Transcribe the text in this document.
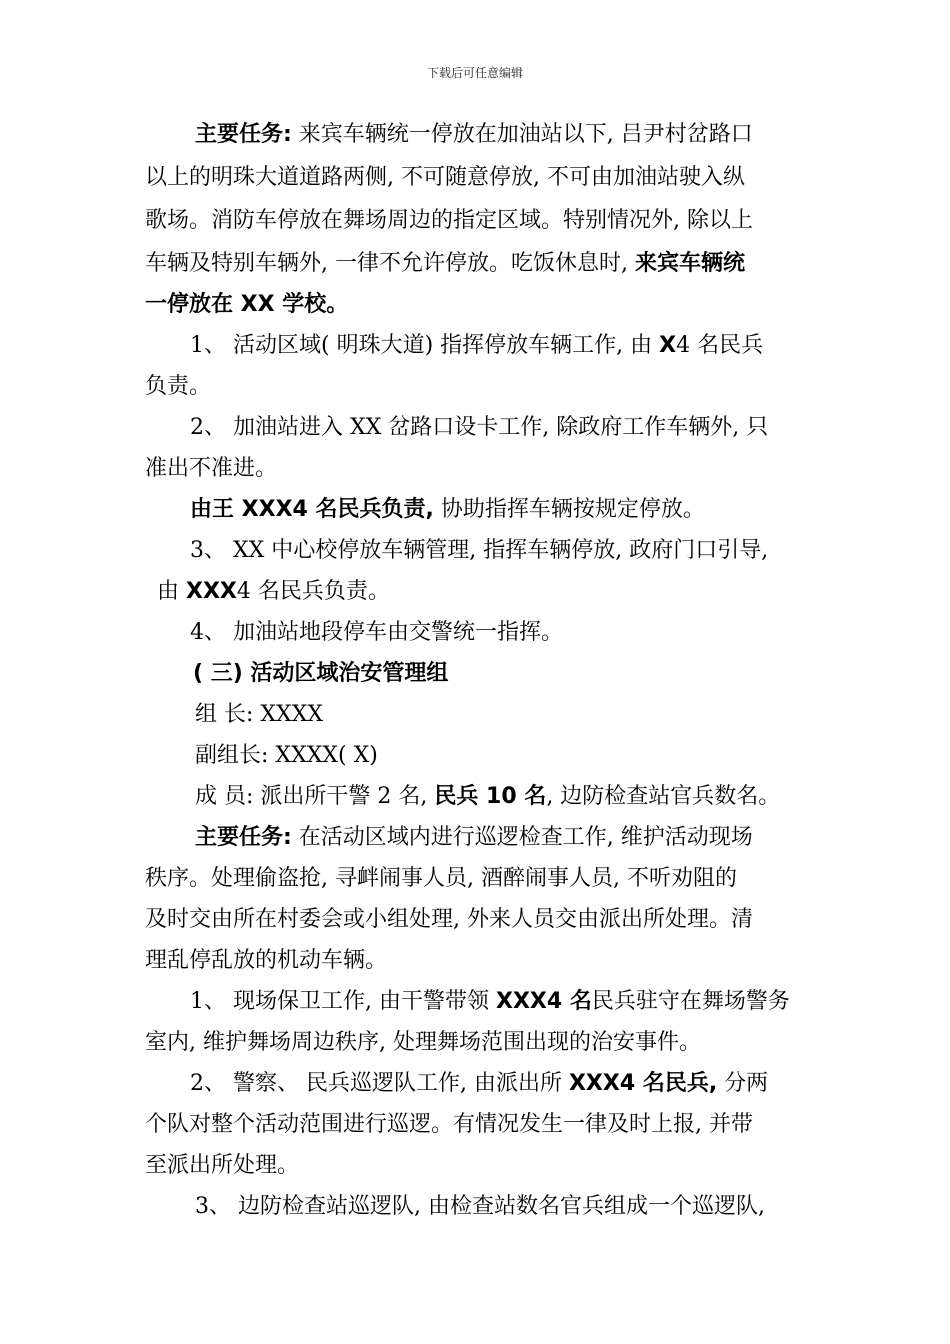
下载后可任意编辑
主要任务: 来宾车辆统一停放在加油站以下, 吕尹村岔路口
以上的明珠大道道路两侧, 不可随意停放, 不可由加油站驶入纵
歌场。消防车停放在舞场周边的指定区域。特别情况外, 除以上
车辆及特别车辆外, 一律不允许停放。吃饭休息时, 来宾车辆统
一停放在 XX 学校。
1、 活动区域( 明珠大道) 指挥停放车辆工作, 由 X4 名民兵
负责。
2、 加油站进入 XX 岔路口设卡工作, 除政府工作车辆外, 只
准出不准进。
由王 XXX4 名民兵负责, 协助指挥车辆按规定停放。
3、 XX 中心校停放车辆管理, 指挥车辆停放, 政府门口引导,
由 XXX4 名民兵负责。
4、 加油站地段停车由交警统一指挥。
( 三) 活动区域治安管理组
组 长: XXXX
副组长: XXXX( X)
成 员: 派出所干警 2 名, 民兵 10 名, 边防检查站官兵数名。
主要任务: 在活动区域内进行巡逻检查工作, 维护活动现场
秩序。处理偷盗抢, 寻衅闹事人员, 酒醉闹事人员, 不听劝阻的
及时交由所在村委会或小组处理, 外来人员交由派出所处理。清
理乱停乱放的机动车辆。
1、 现场保卫工作, 由干警带领 XXX4 名民兵驻守在舞场警务
室内, 维护舞场周边秩序, 处理舞场范围出现的治安事件。
2、 警察、 民兵巡逻队工作, 由派出所 XXX4 名民兵, 分两
个队对整个活动范围进行巡逻。有情况发生一律及时上报, 并带
至派出所处理。
3、 边防检查站巡逻队, 由检查站数名官兵组成一个巡逻队,
